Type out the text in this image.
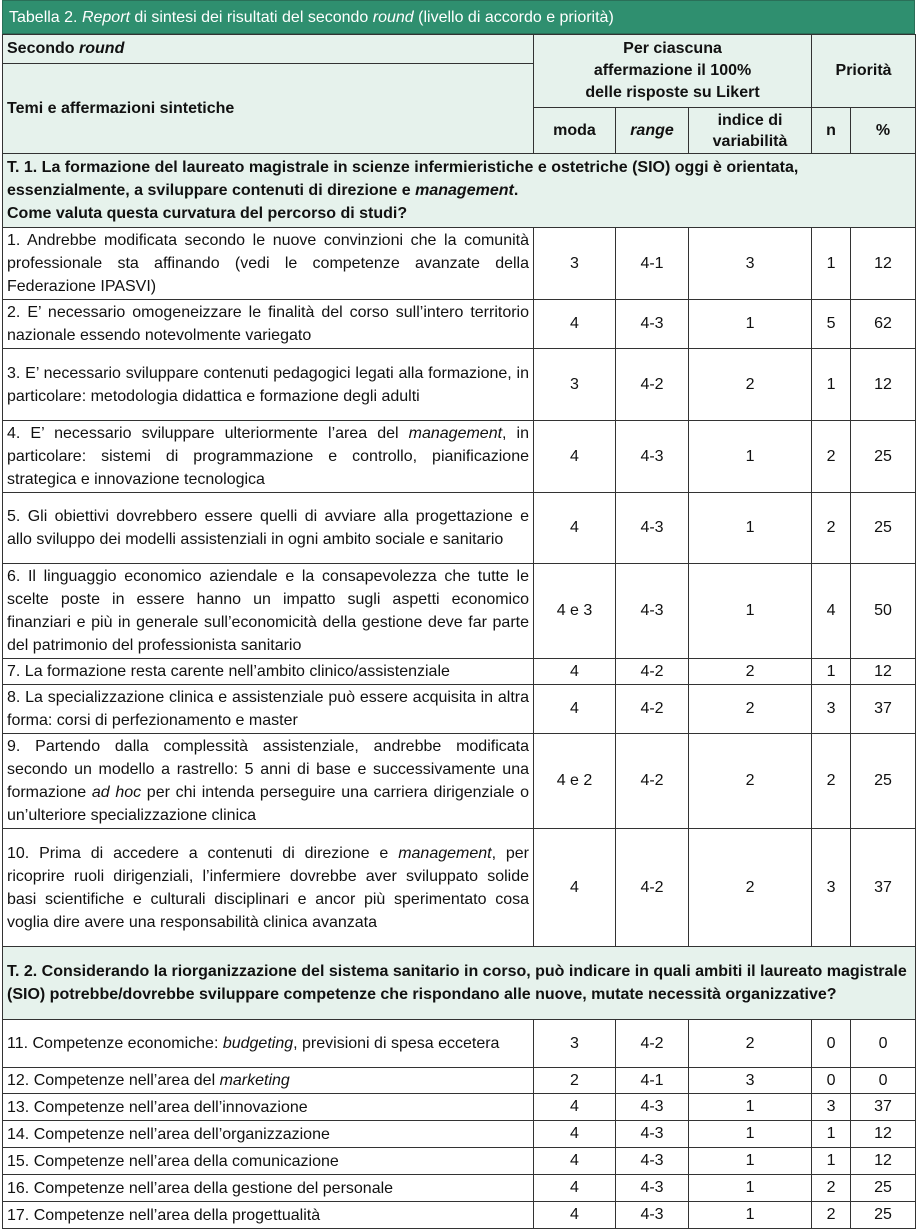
Tabella 2. Report di sintesi dei risultati del secondo round (livello di accordo e priorità)
Secondo round	Per ciascuna affermazione il 100% delle risposte su Likert			Priorità	
Temi e affermazioni sintetiche					
	moda	range	indice di variabilità	n	%
T. 1. La formazione del laureato magistrale in scienze infermieristiche e ostetriche (SIO) oggi è orientata, essenzialmente, a sviluppare contenuti di direzione e management.
Come valuta questa curvatura del percorso di studi?					
1. Andrebbe modificata secondo le nuove convinzioni che la comunità professionale sta affinando (vedi le competenze avanzate della Federazione IPASVI)	3	4-1	3	1	12
2. E’ necessario omogeneizzare le finalità del corso sull’intero territorio nazionale essendo notevolmente variegato	4	4-3	1	5	62
3. E’ necessario sviluppare contenuti pedagogici legati alla formazione, in particolare: metodologia didattica e formazione degli adulti	3	4-2	2	1	12
4. E’ necessario sviluppare ulteriormente l’area del management, in particolare: sistemi di programmazione e controllo, pianificazione strategica e innovazione tecnologica	4	4-3	1	2	25
5. Gli obiettivi dovrebbero essere quelli di avviare alla progettazione e allo sviluppo dei modelli assistenziali in ogni ambito sociale e sanitario	4	4-3	1	2	25
6. Il linguaggio economico aziendale e la consapevolezza che tutte le scelte poste in essere hanno un impatto sugli aspetti economico finanziari e più in generale sull’economicità della gestione deve far parte del patrimonio del professionista sanitario	4 e 3	4-3	1	4	50
7. La formazione resta carente nell’ambito clinico/assistenziale	4	4-2	2	1	12
8. La specializzazione clinica e assistenziale può essere acquisita in altra forma: corsi di perfezionamento e master	4	4-2	2	3	37
9. Partendo dalla complessità assistenziale, andrebbe modificata secondo un modello a rastrello: 5 anni di base e successivamente una formazione ad hoc per chi intenda perseguire una carriera dirigenziale o un’ulteriore specializzazione clinica	4 e 2	4-2	2	2	25
10. Prima di accedere a contenuti di direzione e management, per ricoprire ruoli dirigenziali, l’infermiere dovrebbe aver sviluppato solide basi scientifiche e culturali disciplinari e ancor più sperimentato cosa voglia dire avere una responsabilità clinica avanzata	4	4-2	2	3	37
T. 2. Considerando la riorganizzazione del sistema sanitario in corso, può indicare in quali ambiti il laureato magistrale (SIO) potrebbe/dovrebbe sviluppare competenze che rispondano alle nuove, mutate necessità organizzative?					
11. Competenze economiche: budgeting, previsioni di spesa eccetera	3	4-2	2	0	0
12. Competenze nell’area del marketing	2	4-1	3	0	0
13. Competenze nell’area dell’innovazione	4	4-3	1	3	37
14. Competenze nell’area dell’organizzazione	4	4-3	1	1	12
15. Competenze nell’area della comunicazione	4	4-3	1	1	12
16. Competenze nell’area della gestione del personale	4	4-3	1	2	25
17. Competenze nell’area della progettualità	4	4-3	1	2	25
